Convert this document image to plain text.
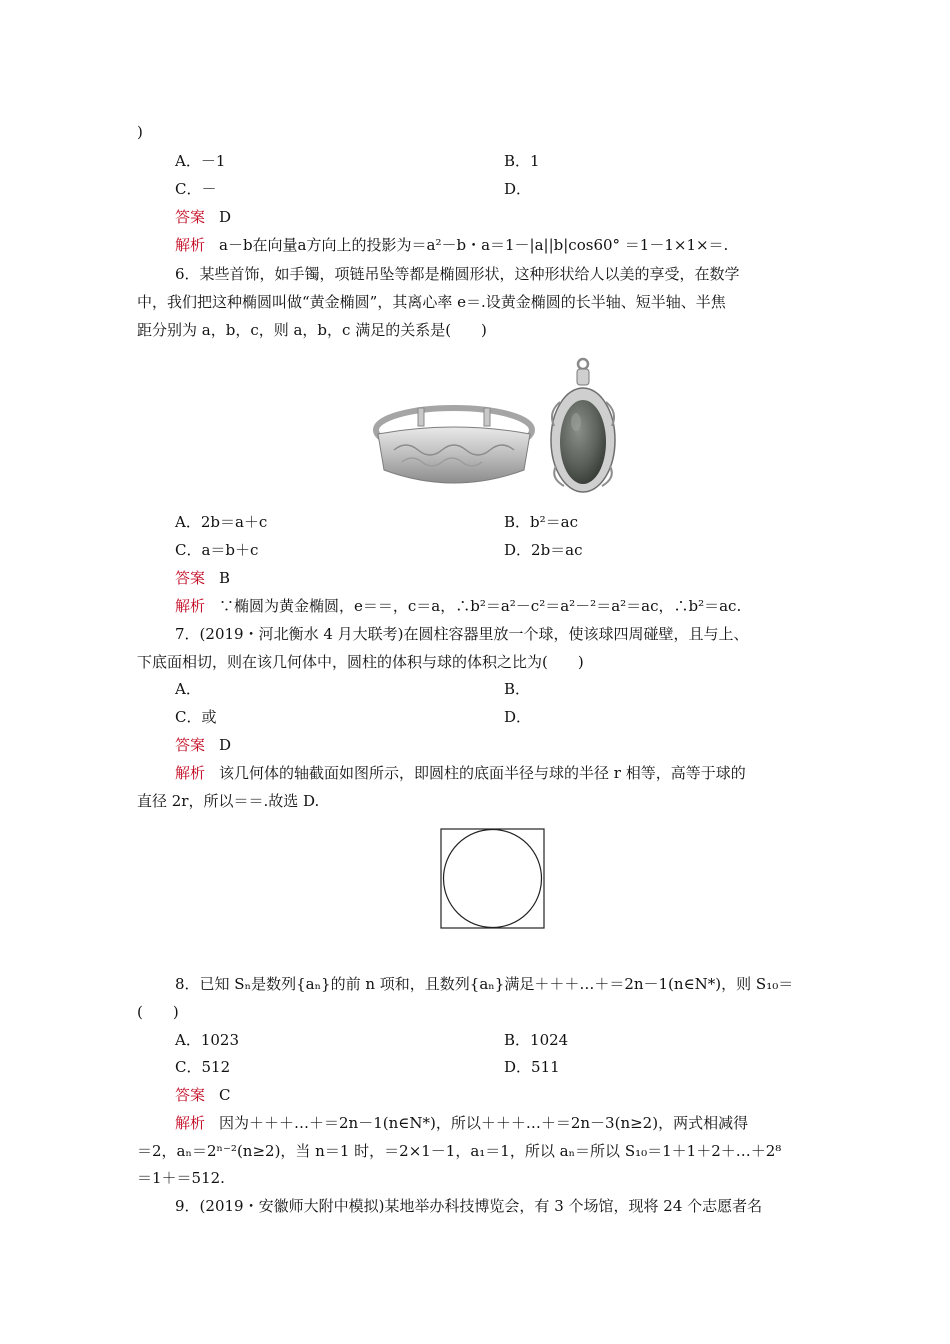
)
A．－1	B．1
C．－	D．
答案 D
解析 a－b在向量a方向上的投影为＝a²－b・a＝1－|a||b|cos60° ＝1－1×1×＝.
6．某些首饰，如手镯，项链吊坠等都是椭圆形状，这种形状给人以美的享受，在数学
中，我们把这种椭圆叫做“黄金椭圆”，其离心率 e＝.设黄金椭圆的长半轴、短半轴、半焦
距分别为 a，b，c，则 a，b，c 满足的关系是(　　)
A．2b＝a＋c	B．b²＝ac
C．a＝b＋c	D．2b＝ac
答案 B
解析 ∵椭圆为黄金椭圆，e＝＝，c＝a，∴b²＝a²－c²＝a²－²＝a²＝ac，∴b²＝ac.
7．(2019・河北衡水 4 月大联考)在圆柱容器里放一个球，使该球四周碰壁，且与上、
下底面相切，则在该几何体中，圆柱的体积与球的体积之比为(　　)
A．	B．
C．或	D．
答案 D
解析 该几何体的轴截面如图所示，即圆柱的底面半径与球的半径 r 相等，高等于球的
直径 2r，所以＝＝.故选 D.
8．已知 Sₙ是数列{aₙ}的前 n 项和，且数列{aₙ}满足＋＋＋…＋＝2n－1(n∈N*)，则 S₁₀＝
(　　)
A．1023	B．1024
C．512	D．511
答案 C
解析 因为＋＋＋…＋＝2n－1(n∈N*)，所以＋＋＋…＋＝2n－3(n≥2)，两式相减得
＝2，aₙ＝2ⁿ⁻²(n≥2)，当 n＝1 时，＝2×1－1，a₁＝1，所以 aₙ＝所以 S₁₀＝1＋1＋2＋…＋2⁸
＝1＋＝512.
9．(2019・安徽师大附中模拟)某地举办科技博览会，有 3 个场馆，现将 24 个志愿者名
